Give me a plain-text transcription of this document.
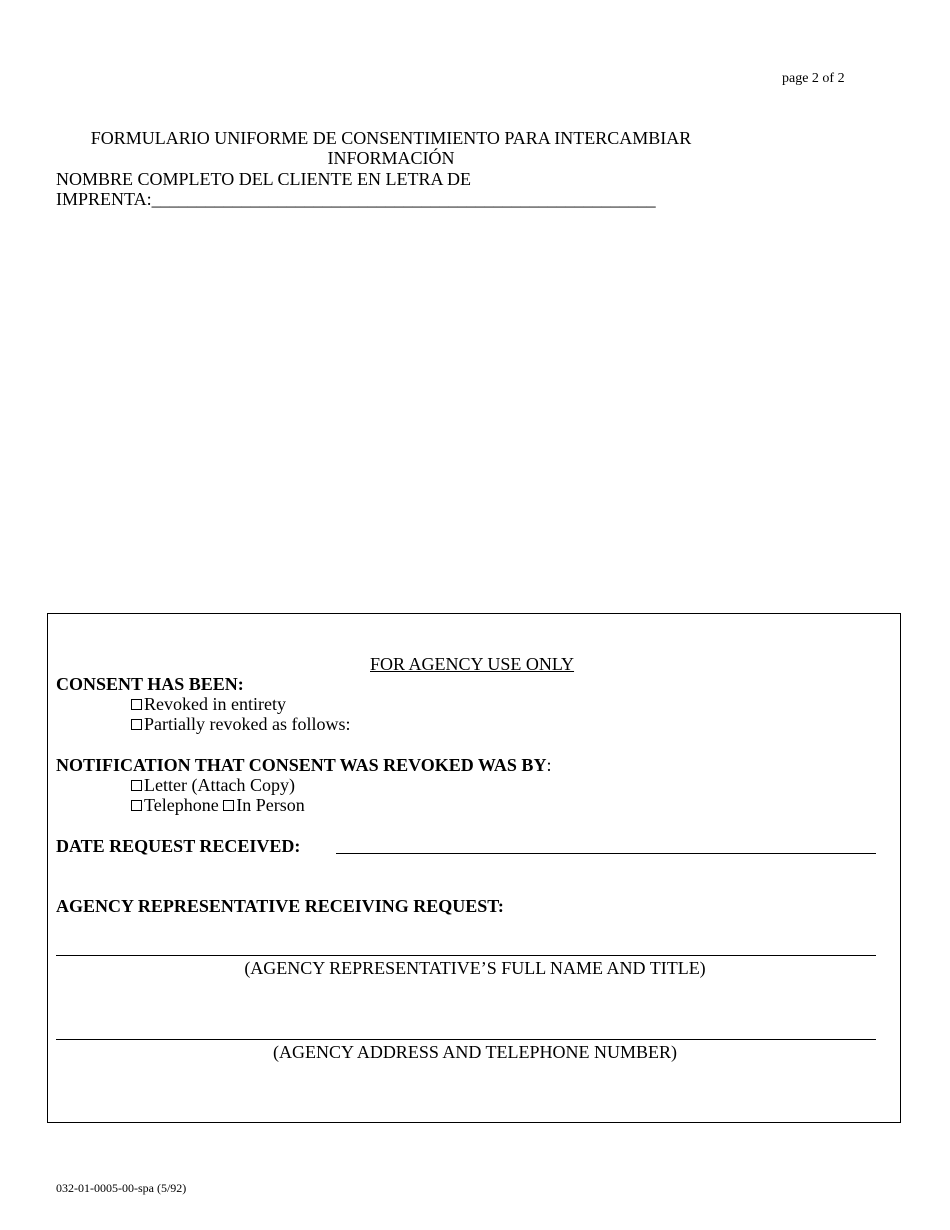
page 2 of 2
FORMULARIO UNIFORME DE CONSENTIMIENTO PARA INTERCAMBIAR
INFORMACIÓN
NOMBRE COMPLETO DEL CLIENTE EN LETRA DE
IMPRENTA:________________________________________________________
FOR AGENCY USE ONLY
CONSENT HAS BEEN:
Revoked in entirety
Partially revoked as follows:
NOTIFICATION THAT CONSENT WAS REVOKED WAS BY:
Letter (Attach Copy)
Telephone In Person
DATE REQUEST RECEIVED:
AGENCY REPRESENTATIVE RECEIVING REQUEST:
(AGENCY REPRESENTATIVE’S FULL NAME AND TITLE)
(AGENCY ADDRESS AND TELEPHONE NUMBER)
032-01-0005-00-spa (5/92)
